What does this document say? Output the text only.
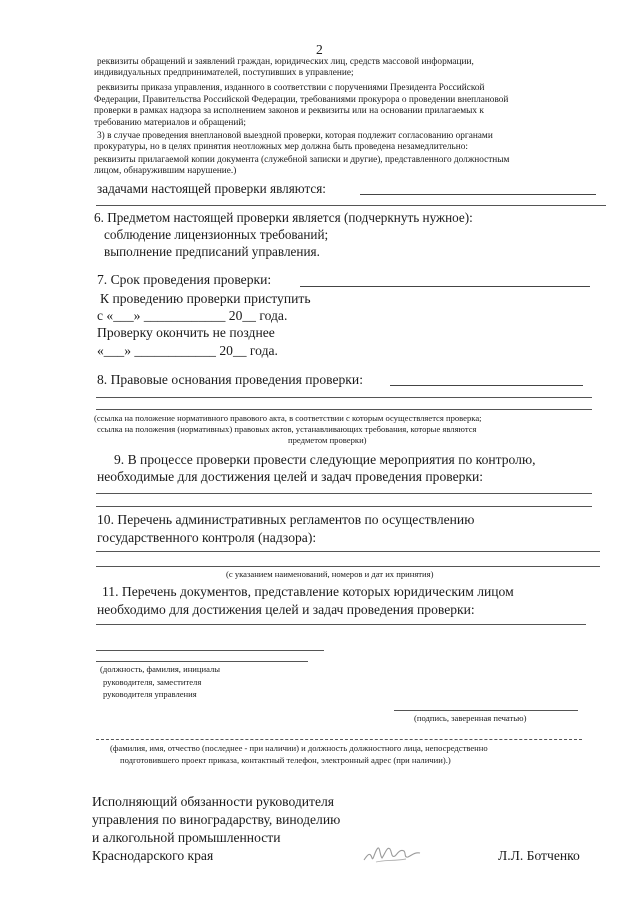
2
реквизиты обращений и заявлений граждан, юридических лиц, средств массовой информации,
индивидуальных предпринимателей, поступивших в управление;
реквизиты приказа управления, изданного в соответствии с поручениями Президента Российской
Федерации, Правительства Российской Федерации, требованиями прокурора о проведении внеплановой
проверки в рамках надзора за исполнением законов и реквизиты или на основании прилагаемых к
требованию материалов и обращений;
3) в случае проведения внеплановой выездной проверки, которая подлежит согласованию органами
прокуратуры, но в целях принятия неотложных мер должна быть проведена незамедлительно:
реквизиты прилагаемой копии документа (служебной записки и другие), представленного должностным
лицом, обнаружившим нарушение.)
задачами настоящей проверки являются:
6. Предметом настоящей проверки является (подчеркнуть нужное):
соблюдение лицензионных требований;
выполнение предписаний управления.
7. Срок проведения проверки:
К проведению проверки приступить
с «___» ____________ 20__ года.
Проверку окончить не позднее
«___» ____________ 20__ года.
8. Правовые основания проведения проверки:
(ссылка на положение нормативного правового акта, в соответствии с которым осуществляется проверка;
ссылка на положения (нормативных) правовых актов, устанавливающих требования, которые являются
предметом проверки)
9. В процессе проверки провести следующие мероприятия по контролю,
необходимые для достижения целей и задач проведения проверки:
10. Перечень административных регламентов по осуществлению
государственного контроля (надзора):
(с указанием наименований, номеров и дат их принятия)
11. Перечень документов, представление которых юридическим лицом
необходимо для достижения целей и задач проведения проверки:
(должность, фамилия, инициалы
руководителя, заместителя
руководителя управления
(подпись, заверенная печатью)
(фамилия, имя, отчество (последнее - при наличии) и должность должностного лица, непосредственно
подготовившего проект приказа, контактный телефон, электронный адрес (при наличии).)
Исполняющий обязанности руководителя
управления по виноградарству, виноделию
и алкогольной промышленности
Краснодарского края	Л.Л. Ботченко
